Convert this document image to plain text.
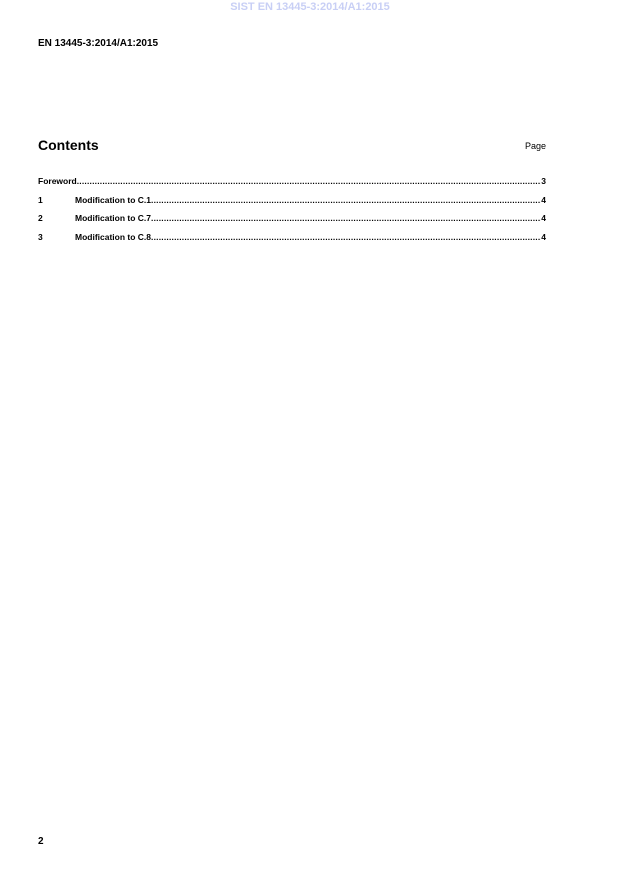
SIST EN 13445-3:2014/A1:2015
EN 13445-3:2014/A1:2015
Contents	Page
Foreword .....	3
1	Modification to C.1 .....	4
2	Modification to C.7 .....	4
3	Modification to C.8 .....	4
2
